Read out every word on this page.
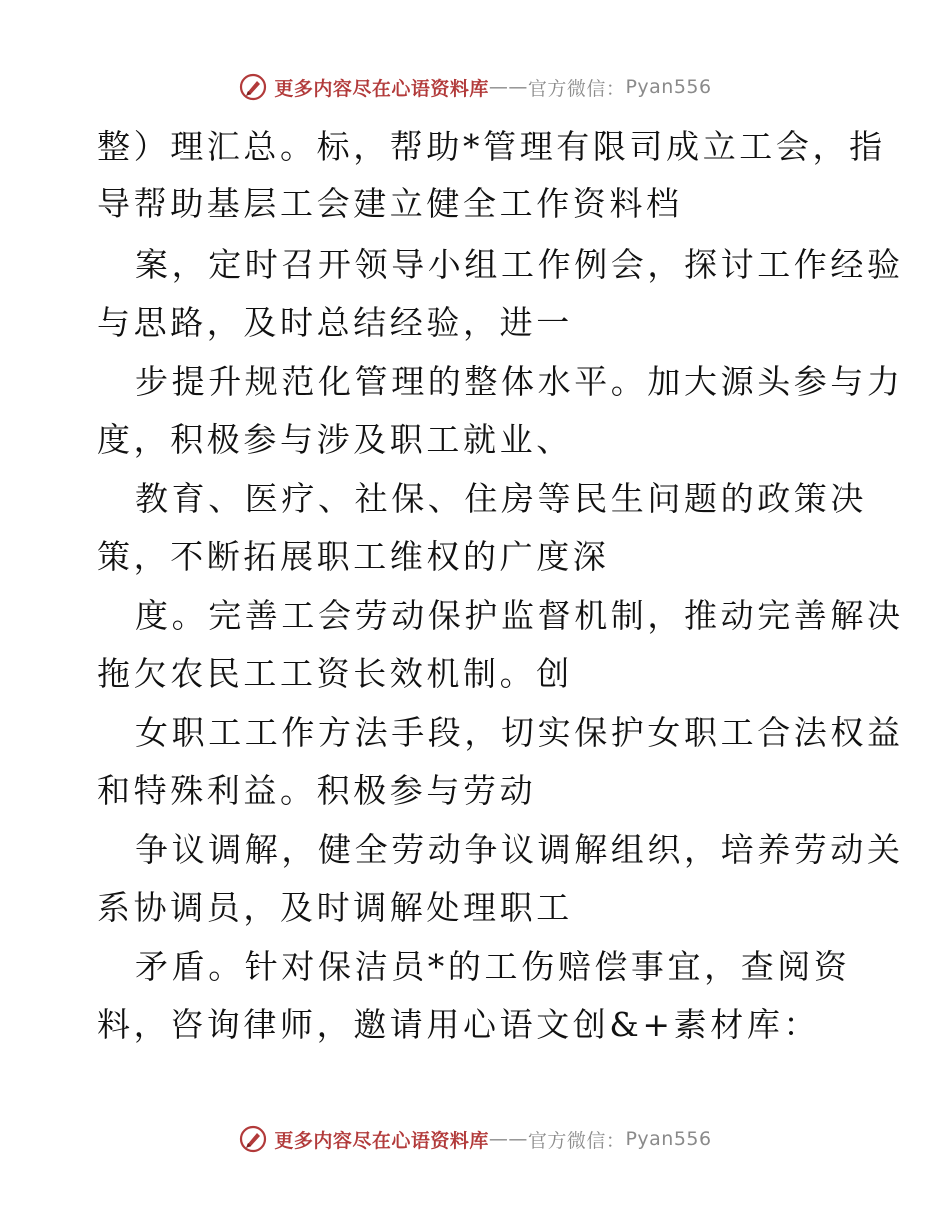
更多内容尽在心语资料库 —— 官方微信： Pyan556
整）理汇总。标，帮助*管理有限司成立工会，指
导帮助基层工会建立健全工作资料档
案，定时召开领导小组工作例会，探讨工作经验
与思路，及时总结经验，进一
步提升规范化管理的整体水平。加大源头参与力
度，积极参与涉及职工就业、
教育、医疗、社保、住房等民生问题的政策决
策，不断拓展职工维权的广度深
度。完善工会劳动保护监督机制，推动完善解决
拖欠农民工工资长效机制。创
女职工工作方法手段，切实保护女职工合法权益
和特殊利益。积极参与劳动
争议调解，健全劳动争议调解组织，培养劳动关
系协调员，及时调解处理职工
矛盾。针对保洁员*的工伤赔偿事宜，查阅资
料，咨询律师，邀请用心语文创&+素材库：
更多内容尽在心语资料库 —— 官方微信： Pyan556
